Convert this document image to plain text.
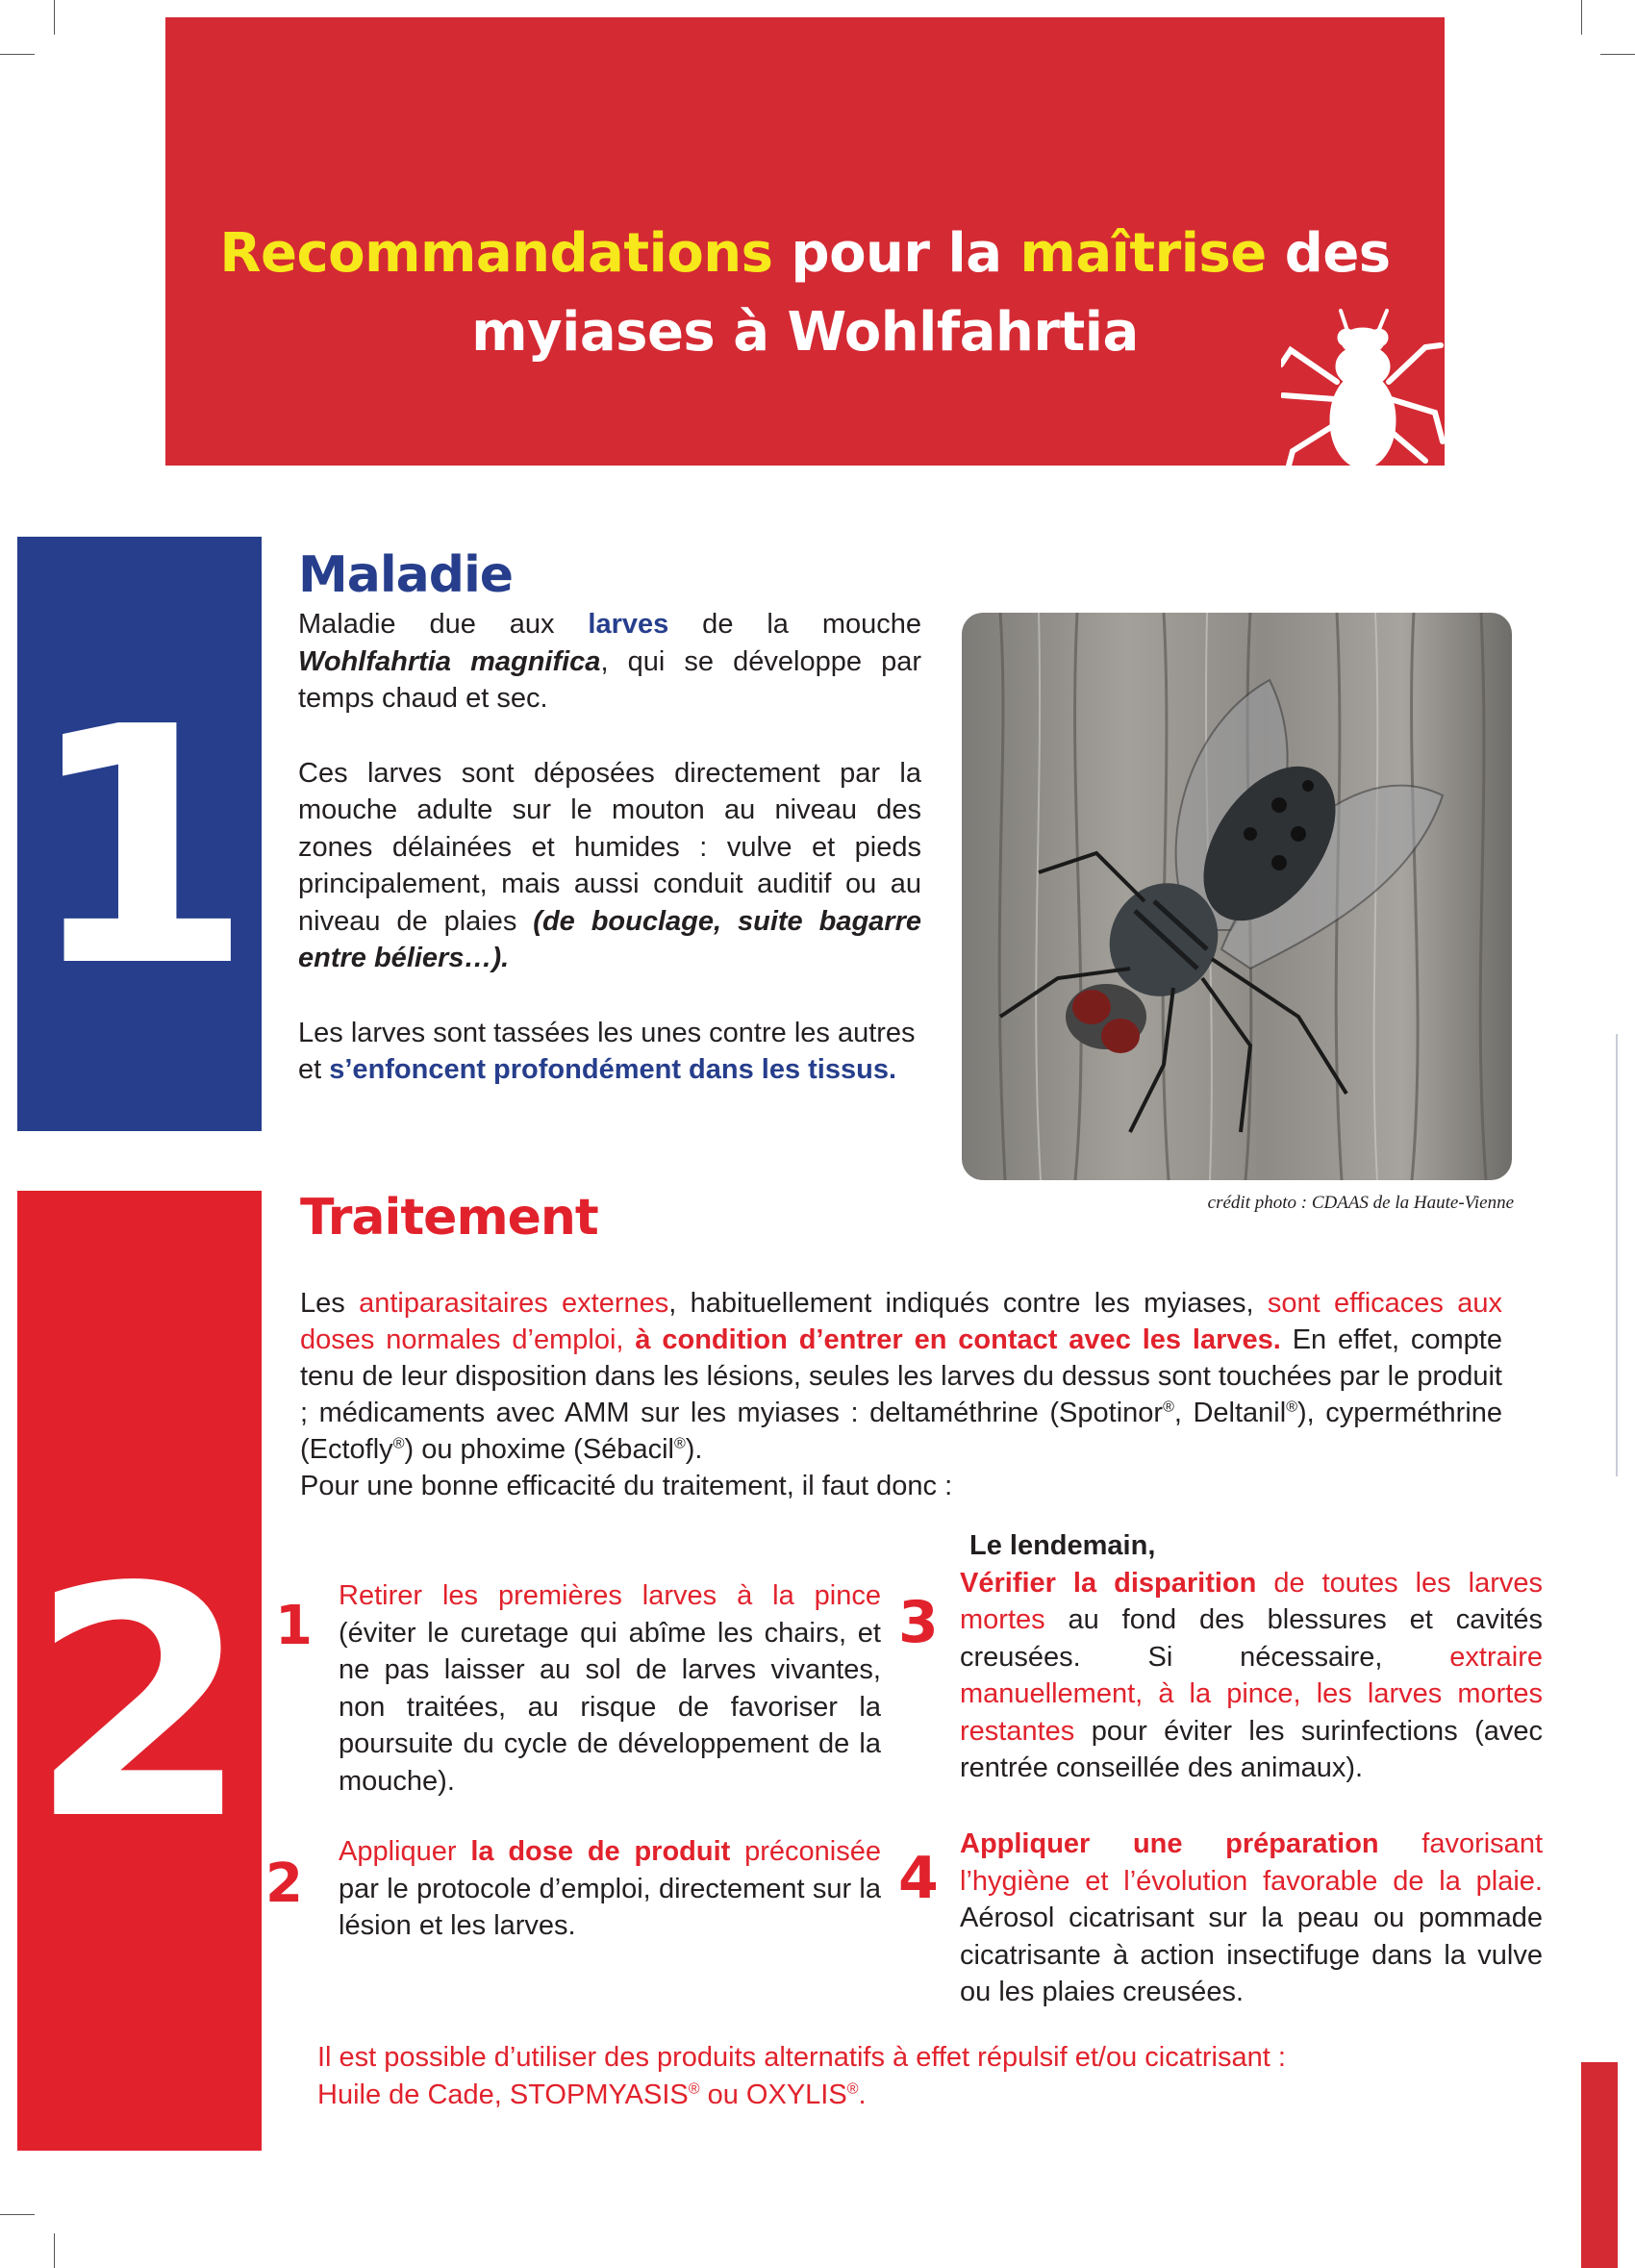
Recommandations pour la maîtrise des
myiases à Wohlfahrtia
1
Maladie

Maladie due aux larves de la mouche Wohlfahrtia magnifica, qui se développe par temps chaud et sec.

Ces larves sont déposées directement par la mouche adulte sur le mouton au niveau des zones délainées et humides : vulve et pieds principalement, mais aussi conduit auditif ou au niveau de plaies (de bouclage, suite bagarre entre béliers…).

Les larves sont tassées les unes contre les autres et s’enfoncent profondément dans les tissus.

crédit photo : CDAAS de la Haute-Vienne
2
Traitement

Les antiparasitaires externes, habituellement indiqués contre les myiases, sont efficaces aux doses normales d’emploi, à condition d’entrer en contact avec les larves. En effet, compte tenu de leur disposition dans les lésions, seules les larves du dessus sont touchées par le produit ; médicaments avec AMM sur les myiases : deltaméthrine (Spotinor®, Deltanil®), cyperméthrine (Ectofly®) ou phoxime (Sébacil®).

Pour une bonne efficacité du traitement, il faut donc :

1 Retirer les premières larves à la pince (éviter le curetage qui abîme les chairs, et ne pas laisser au sol de larves vivantes, non traitées, au risque de favoriser la poursuite du cycle de développement de la mouche).
2
Appliquer la dose de produit préconisée par le protocole d’emploi, directement sur la lésion et les larves.
3
Le lendemain,
Vérifier la disparition de toutes les larves mortes au fond des blessures et cavités creusées. Si nécessaire, extraire manuellement, à la pince, les larves mortes restantes pour éviter les surinfections (avec rentrée conseillée des animaux).
4
Appliquer une préparation favorisant l’hygiène et l’évolution favorable de la plaie. Aérosol cicatrisant sur la peau ou pommade cicatrisante à action insectifuge dans la vulve ou les plaies creusées.
Il est possible d’utiliser des produits alternatifs à effet répulsif et/ou cicatrisant :
Huile de Cade, STOPMYASIS® ou OXYLIS®.
